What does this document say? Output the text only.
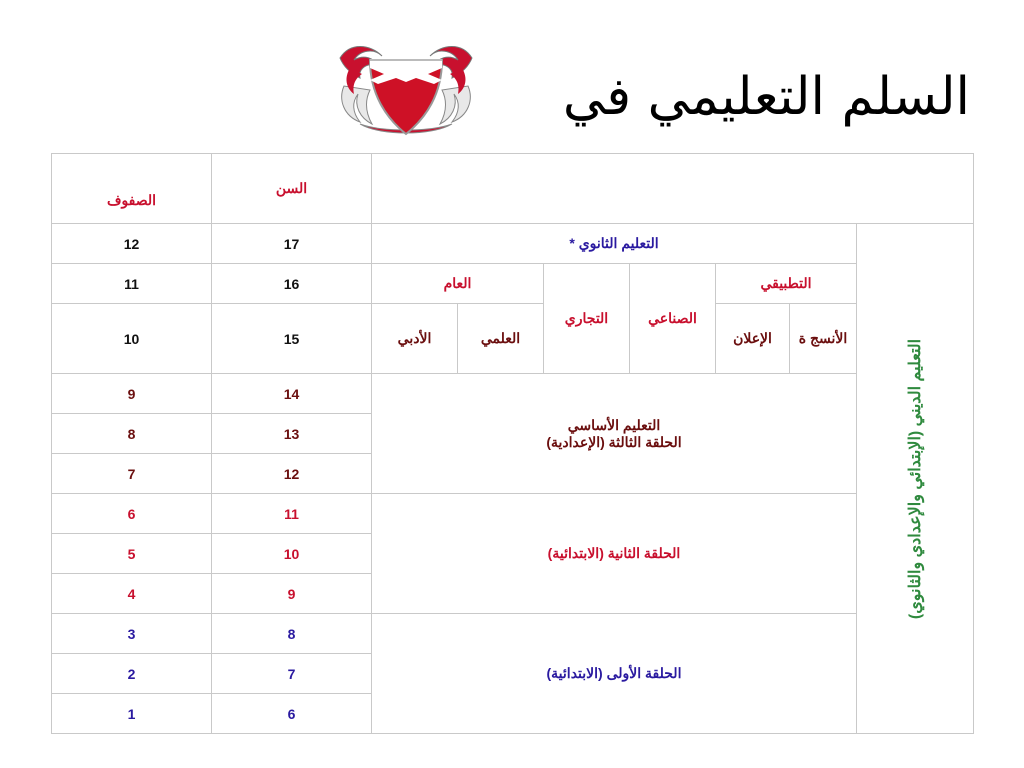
السلم التعليمي في
الصفوف	السن							
12	17	التعليم الثانوي *						التعليم الديني (الإبتدائي والإعدادي والثانوي)

11	16	العام		التجاري	الصناعي	التطبيقي		
10	15	الأدبي	العلمي			الإعلان	الأنسج ة	
9	14	التعليم الأساسي
الحلقة الثالثة (الإعدادية)						

8	13							
7	12							
6	11	الحلقة الثانية (الابتدائية)						
5	10							
4	9							
3	8	الحلقة الأولى (الابتدائية)						
2	7							
1	6							
